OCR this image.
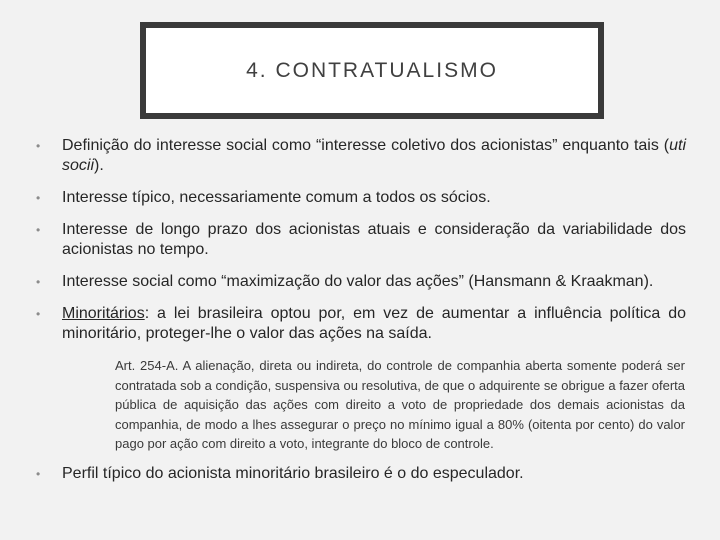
4. CONTRATUALISMO
• Definição do interesse social como “interesse coletivo dos acionistas” enquanto tais (uti socii).
• Interesse típico, necessariamente comum a todos os sócios.
• Interesse de longo prazo dos acionistas atuais e consideração da variabilidade dos acionistas no tempo.
• Interesse social como “maximização do valor das ações” (Hansmann & Kraakman).
• Minoritários: a lei brasileira optou por, em vez de aumentar a influência política do minoritário, proteger-lhe o valor das ações na saída.
Art. 254-A. A alienação, direta ou indireta, do controle de companhia aberta somente poderá ser contratada sob a condição, suspensiva ou resolutiva, de que o adquirente se obrigue a fazer oferta pública de aquisição das ações com direito a voto de propriedade dos demais acionistas da companhia, de modo a lhes assegurar o preço no mínimo igual a 80% (oitenta por cento) do valor pago por ação com direito a voto, integrante do bloco de controle.
• Perfil típico do acionista minoritário brasileiro é o do especulador.
